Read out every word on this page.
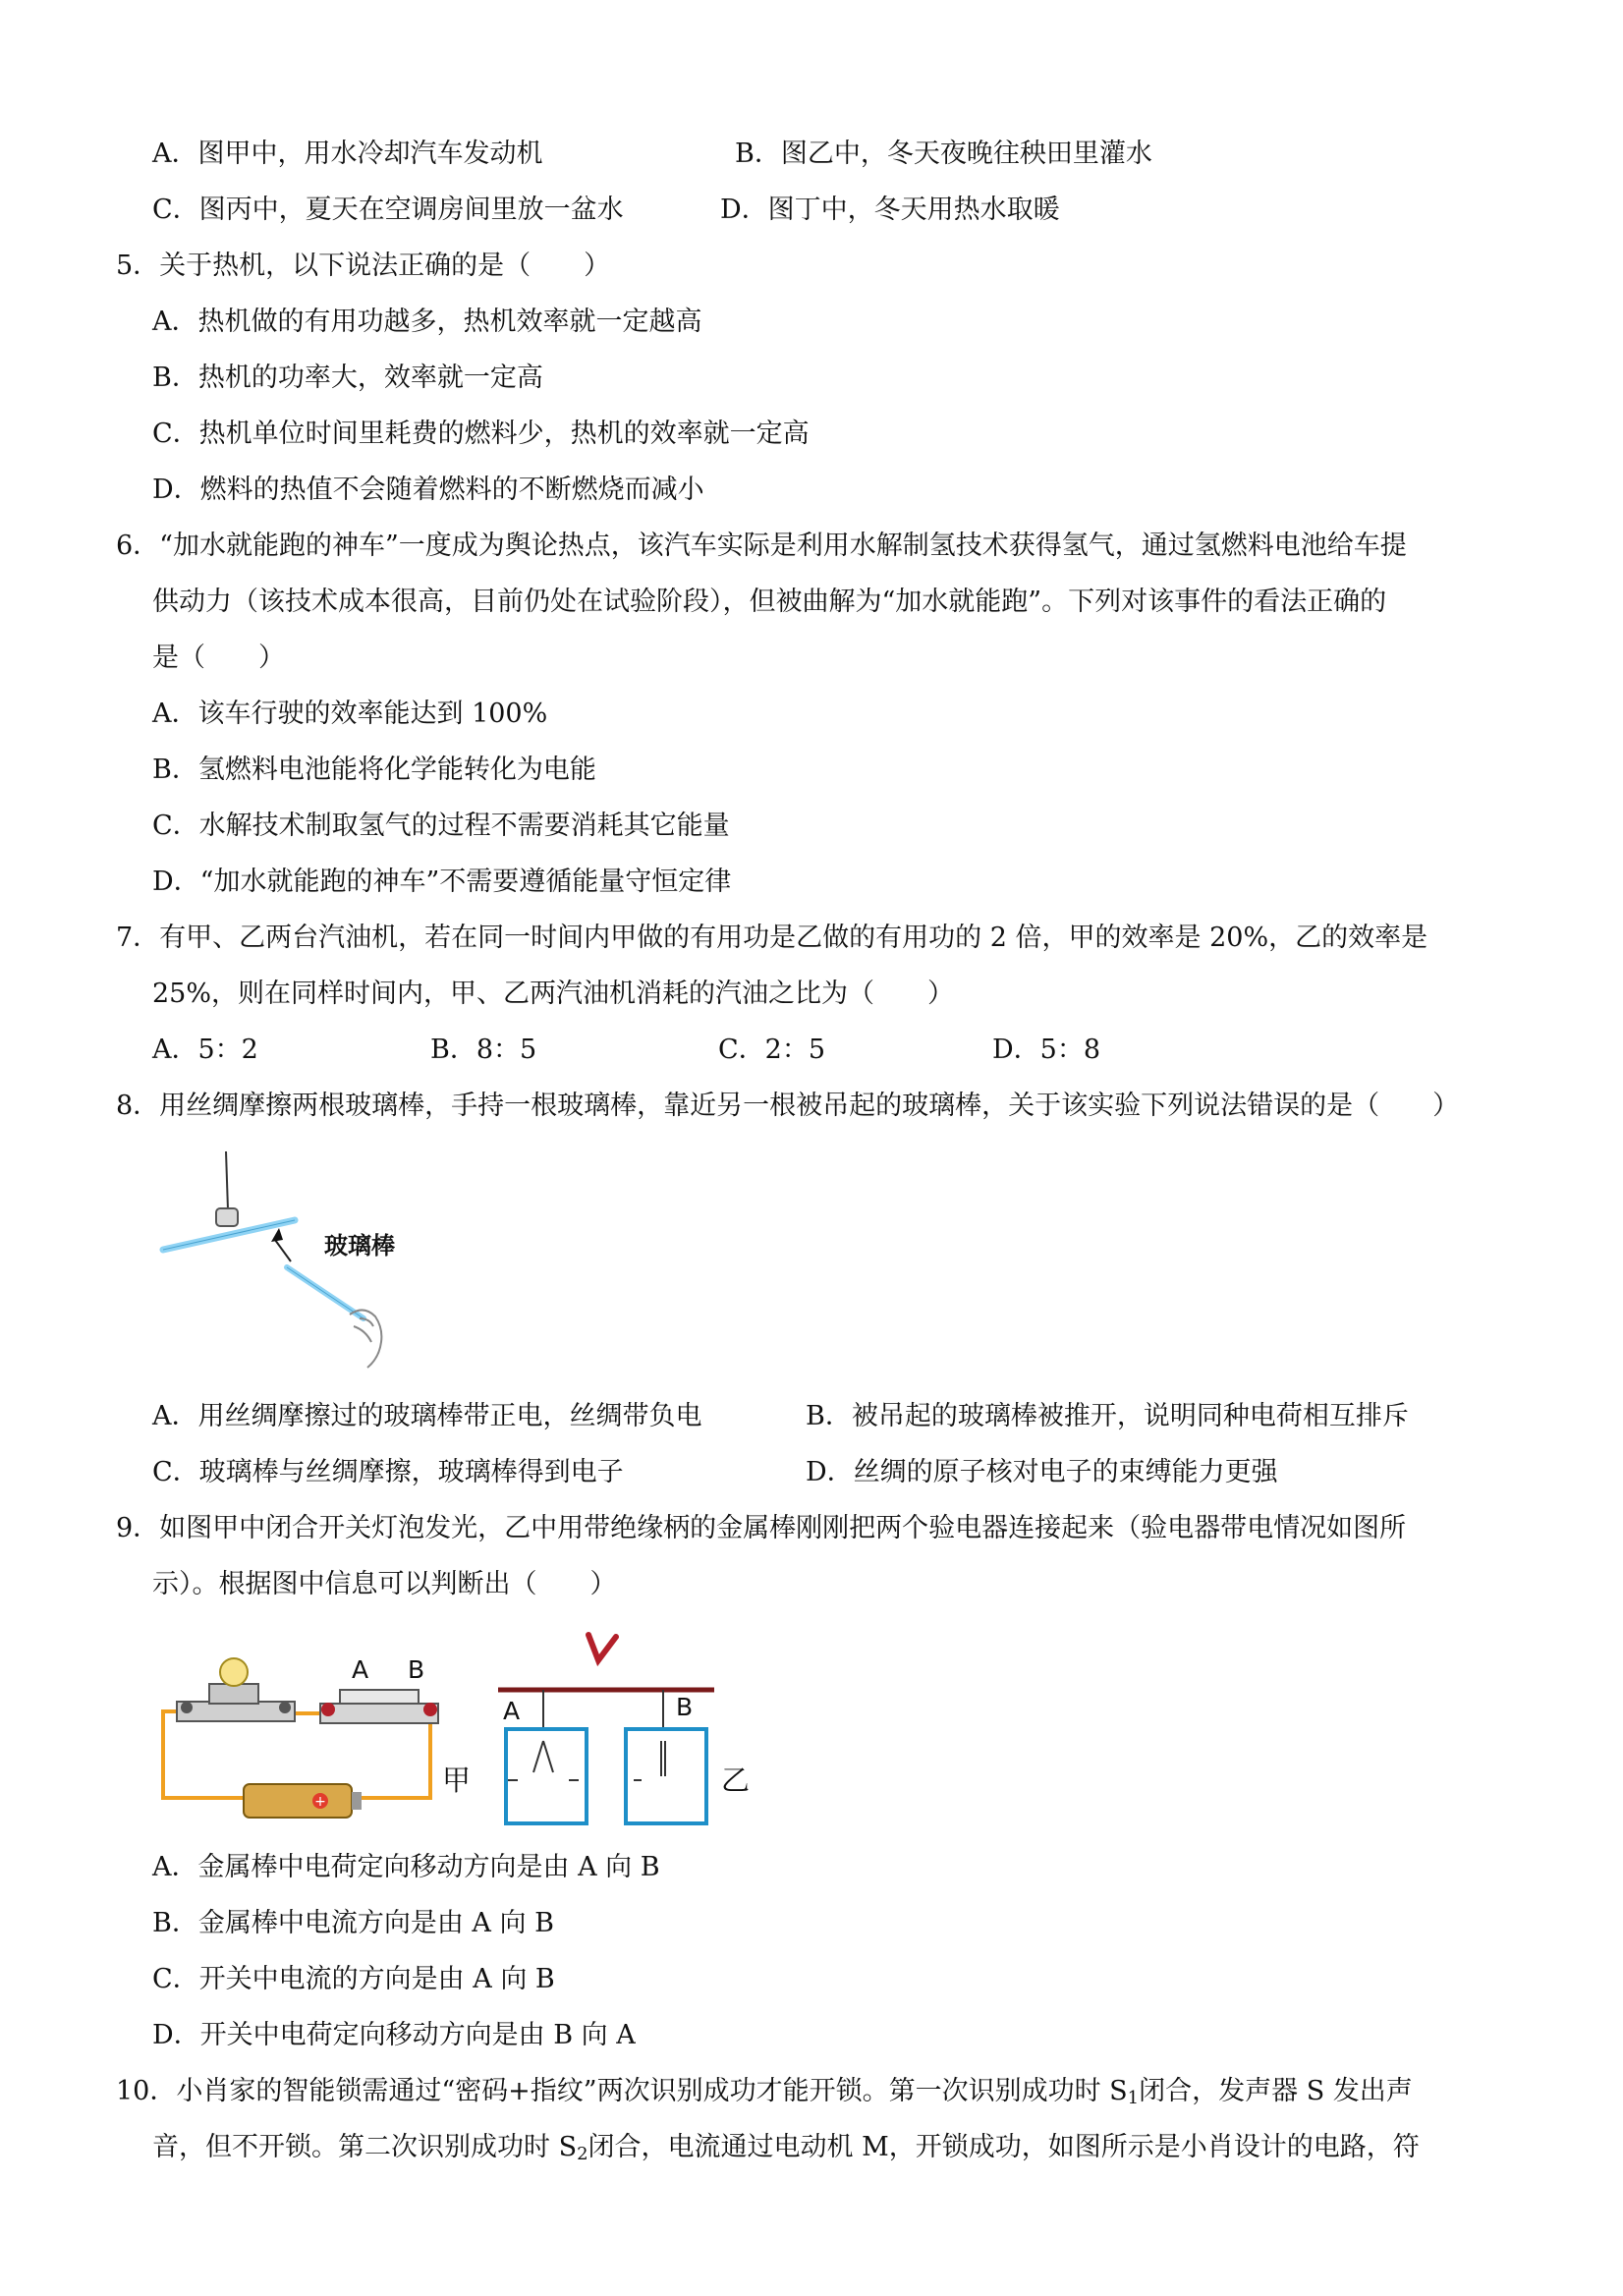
A．图甲中，用水冷却汽车发动机	B．图乙中，冬天夜晚往秧田里灌水
C．图丙中，夏天在空调房间里放一盆水	D．图丁中，冬天用热水取暖
5．关于热机，以下说法正确的是（　　）
A．热机做的有用功越多，热机效率就一定越高
B．热机的功率大，效率就一定高
C．热机单位时间里耗费的燃料少，热机的效率就一定高
D．燃料的热值不会随着燃料的不断燃烧而减小
6．“加水就能跑的神车”一度成为舆论热点，该汽车实际是利用水解制氢技术获得氢气，通过氢燃料电池给车提
供动力（该技术成本很高，目前仍处在试验阶段），但被曲解为“加水就能跑”。下列对该事件的看法正确的
是（　　）
A．该车行驶的效率能达到 100%
B．氢燃料电池能将化学能转化为电能
C．水解技术制取氢气的过程不需要消耗其它能量
D．“加水就能跑的神车”不需要遵循能量守恒定律
7．有甲、乙两台汽油机，若在同一时间内甲做的有用功是乙做的有用功的 2 倍，甲的效率是 20%，乙的效率是
25%，则在同样时间内，甲、乙两汽油机消耗的汽油之比为（　　）
A．5：2	B．8：5	C．2：5	D．5：8
8．用丝绸摩擦两根玻璃棒，手持一根玻璃棒，靠近另一根被吊起的玻璃棒，关于该实验下列说法错误的是（　　）
玻璃棒
A．用丝绸摩擦过的玻璃棒带正电，丝绸带负电	B．被吊起的玻璃棒被推开，说明同种电荷相互排斥
C．玻璃棒与丝绸摩擦，玻璃棒得到电子	D．丝绸的原子核对电子的束缚能力更强
9．如图甲中闭合开关灯泡发光，乙中用带绝缘柄的金属棒刚刚把两个验电器连接起来（验电器带电情况如图所
示）。根据图中信息可以判断出（　　）
+
A B
甲
A	B
乙
A．金属棒中电荷定向移动方向是由 A 向 B
B．金属棒中电流方向是由 A 向 B
C．开关中电流的方向是由 A 向 B
D．开关中电荷定向移动方向是由 B 向 A
10．小肖家的智能锁需通过“密码+指纹”两次识别成功才能开锁。第一次识别成功时 $S_1$闭合，发声器 S 发出声
音，但不开锁。第二次识别成功时 $S_2$闭合，电流通过电动机 M，开锁成功，如图所示是小肖设计的电路，符
